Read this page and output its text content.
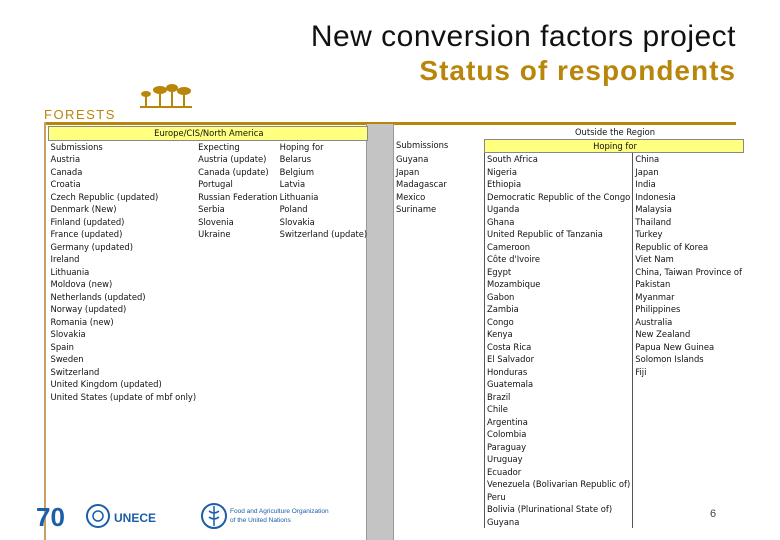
New conversion factors project
Status of respondents
FORESTS
Europe/CIS/North America		
Submissions	Expecting	Hoping for
Austria	Austria (update)	Belarus
Canada	Canada (update)	Belgium
Croatia	Portugal	Latvia
Czech Republic (updated)	Russian Federation	Lithuania
Denmark (New)	Serbia	Poland
Finland (updated)	Slovenia	Slovakia
France (updated)	Ukraine	Switzerland (update)
Germany (updated)		
Ireland		
Lithuania		
Moldova (new)		
Netherlands (updated)		
Norway (updated)		
Romania (new)		
Slovakia		
Spain		
Sweden		
Switzerland		
United Kingdom (updated)		
United States (update of mbf only)		
	Outside the Region	
Submissions	Hoping for	
Guyana	South Africa	China
Japan	Nigeria	Japan
Madagascar	Ethiopia	India
Mexico	Democratic Republic of the Congo	Indonesia
Suriname	Uganda	Malaysia
	Ghana	Thailand
	United Republic of Tanzania	Turkey
	Cameroon	Republic of Korea
	Côte d'Ivoire	Viet Nam
	Egypt	China, Taiwan Province of
	Mozambique	Pakistan
	Gabon	Myanmar
	Zambia	Philippines
	Congo	Australia
	Kenya	New Zealand
	Costa Rica	Papua New Guinea
	El Salvador	Solomon Islands
	Honduras	Fiji
	Guatemala	
	Brazil	
	Chile	
	Argentina	
	Colombia	
	Paraguay	
	Uruguay	
	Ecuador	
	Venezuela (Bolivarian Republic of)	
	Peru	
	Bolivia (Plurinational State of)	
	Guyana	
70	UNECE	Food and Agriculture Organization
of the United Nations
6
